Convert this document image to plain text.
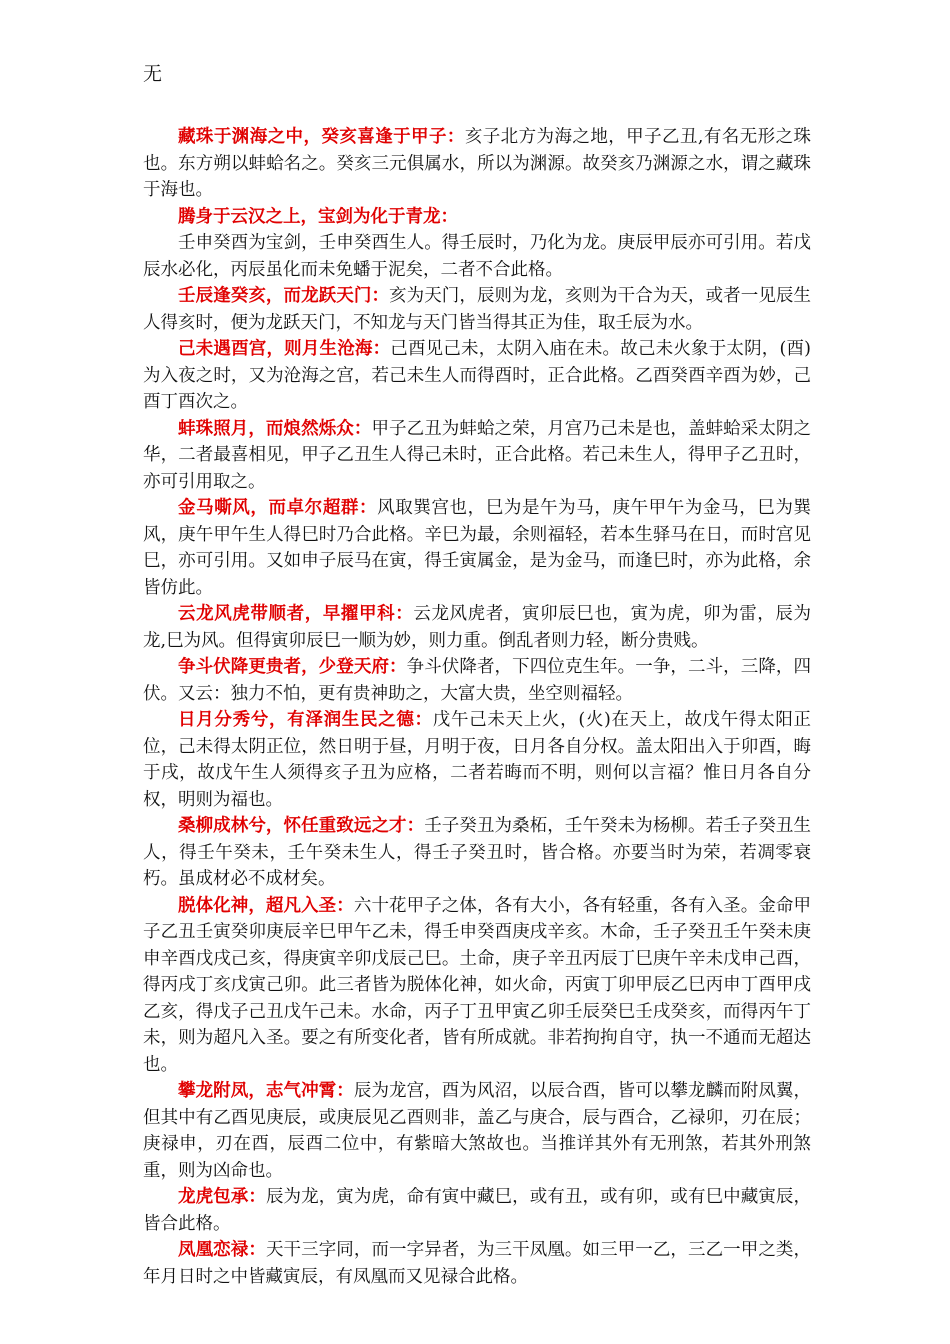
无

藏珠于渊海之中，癸亥喜逢于甲子：亥子北方为海之地，甲子乙丑,有名无形之珠也。东方朔以蚌蛤名之。癸亥三元俱属水，所以为渊源。故癸亥乃渊源之水，谓之藏珠于海也。

腾身于云汉之上，宝剑为化于青龙：

壬申癸酉为宝剑，壬申癸酉生人。得壬辰时，乃化为龙。庚辰甲辰亦可引用。若戊辰水必化，丙辰虽化而未免蟠于泥矣，二者不合此格。

壬辰逢癸亥，而龙跃天门：亥为天门，辰则为龙，亥则为干合为天，或者一见辰生人得亥时，便为龙跃天门，不知龙与天门皆当得其正为佳，取壬辰为水。

己未遇酉宫，则月生沧海：己酉见己未，太阴入庙在未。故己未火象于太阴，(酉)为入夜之时，又为沧海之宫，若己未生人而得酉时，正合此格。乙酉癸酉辛酉为妙，己酉丁酉次之。

蚌珠照月，而烺然烁众：甲子乙丑为蚌蛤之荣，月宫乃己未是也，盖蚌蛤采太阴之华，二者最喜相见，甲子乙丑生人得己未时，正合此格。若己未生人，得甲子乙丑时，亦可引用取之。

金马嘶风，而卓尔超群：风取巽宫也，巳为是午为马，庚午甲午为金马，巳为巽风，庚午甲午生人得巳时乃合此格。辛巳为最，余则福轻，若本生驿马在日，而时宫见巳，亦可引用。又如申子辰马在寅，得壬寅属金，是为金马，而逢巳时，亦为此格，余皆仿此。

云龙风虎带顺者，早擢甲科：云龙风虎者，寅卯辰巳也，寅为虎，卯为雷，辰为龙,巳为风。但得寅卯辰巳一顺为妙，则力重。倒乱者则力轻，断分贵贱。

争斗伏降更贵者，少登天府：争斗伏降者，下四位克生年。一争，二斗，三降，四伏。又云：独力不怕，更有贵神助之，大富大贵，坐空则福轻。

日月分秀兮，有泽润生民之德：戊午己未天上火，(火)在天上，故戊午得太阳正位，己未得太阴正位，然日明于昼，月明于夜，日月各自分权。盖太阳出入于卯酉，晦于戌，故戊午生人须得亥子丑为应格，二者若晦而不明，则何以言福？惟日月各自分权，明则为福也。

桑柳成林兮，怀任重致远之才：壬子癸丑为桑柘，壬午癸未为杨柳。若壬子癸丑生人，得壬午癸未，壬午癸未生人，得壬子癸丑时，皆合格。亦要当时为荣，若凋零衰朽。虽成材必不成材矣。

脱体化神，超凡入圣：六十花甲子之体，各有大小，各有轻重，各有入圣。金命甲子乙丑壬寅癸卯庚辰辛巳甲午乙未，得壬申癸酉庚戌辛亥。木命，壬子癸丑壬午癸未庚申辛酉戊戌己亥，得庚寅辛卯戊辰己巳。土命，庚子辛丑丙辰丁巳庚午辛未戊申己酉，得丙戌丁亥戊寅己卯。此三者皆为脱体化神，如火命，丙寅丁卯甲辰乙巳丙申丁酉甲戌乙亥，得戊子己丑戊午己未。水命，丙子丁丑甲寅乙卯壬辰癸巳壬戌癸亥，而得丙午丁未，则为超凡入圣。要之有所变化者，皆有所成就。非若拘拘自守，执一不通而无超达也。

攀龙附凤，志气冲霄：辰为龙宫，酉为风沼，以辰合酉，皆可以攀龙麟而附凤翼，但其中有乙酉见庚辰，或庚辰见乙酉则非，盖乙与庚合，辰与酉合，乙禄卯，刃在辰；庚禄申，刃在酉，辰酉二位中，有紫暗大煞故也。当推详其外有无刑煞，若其外刑煞重，则为凶命也。

龙虎包承：辰为龙，寅为虎，命有寅中藏巳，或有丑，或有卯，或有巳中藏寅辰，皆合此格。

凤凰恋禄：天干三字同，而一字异者，为三干凤凰。如三甲一乙，三乙一甲之类，年月日时之中皆藏寅辰，有凤凰而又见禄合此格。
